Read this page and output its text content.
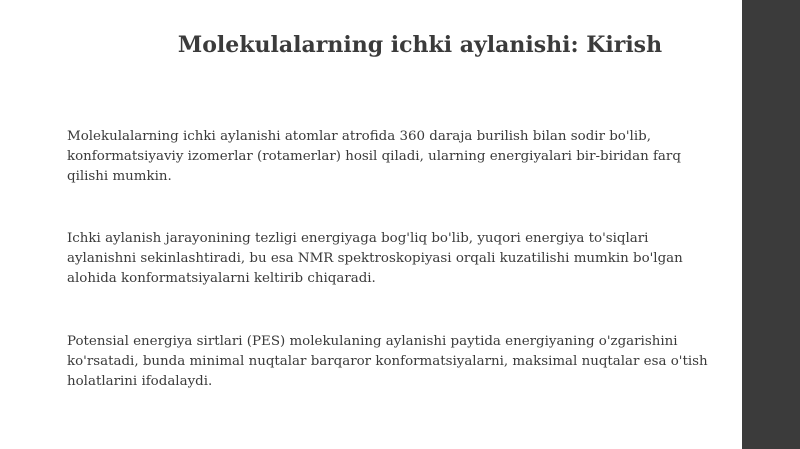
Molekulalarning ichki aylanishi: Kirish

Molekulalarning ichki aylanishi atomlar atrofida 360 daraja burilish bilan sodir bo'lib,
konformatsiyaviy izomerlar (rotamerlar) hosil qiladi, ularning energiyalari bir-biridan farq
qilishi mumkin.

Ichki aylanish jarayonining tezligi energiyaga bog'liq bo'lib, yuqori energiya to'siqlari
aylanishni sekinlashtiradi, bu esa NMR spektroskopiyasi orqali kuzatilishi mumkin bo'lgan
alohida konformatsiyalarni keltirib chiqaradi.

Potensial energiya sirtlari (PES) molekulaning aylanishi paytida energiyaning o'zgarishini
ko'rsatadi, bunda minimal nuqtalar barqaror konformatsiyalarni, maksimal nuqtalar esa o'tish
holatlarini ifodalaydi.
